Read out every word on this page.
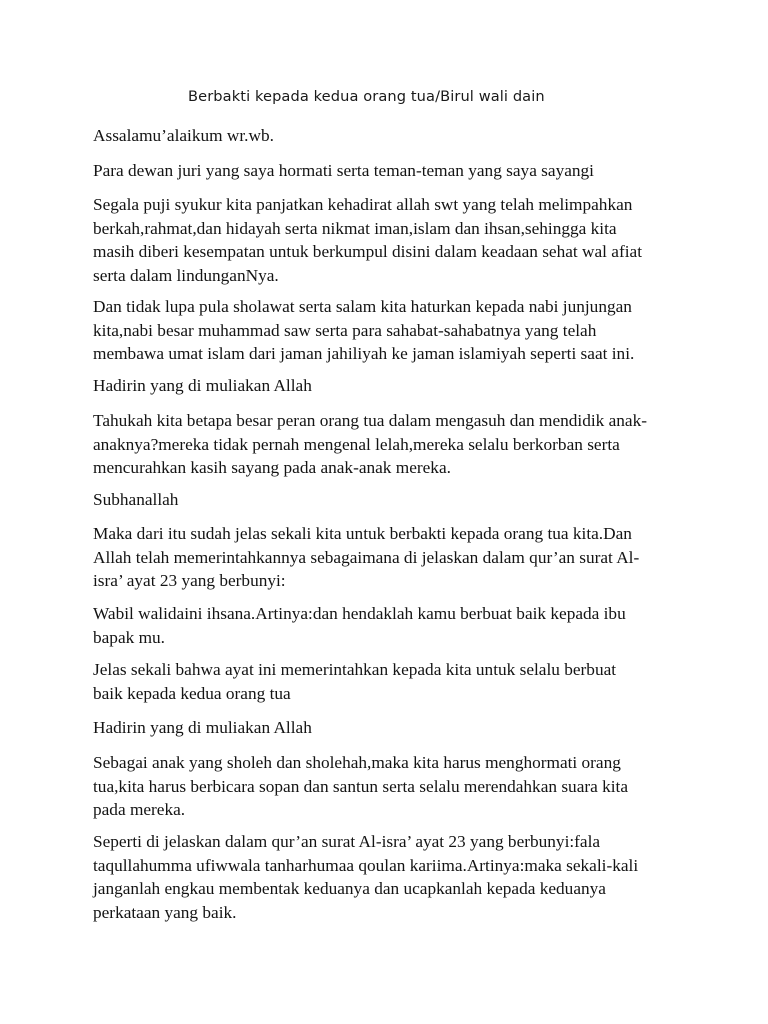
Berbakti kepada kedua orang tua/Birul wali dain
Assalamu’alaikum wr.wb.
Para dewan juri yang saya hormati serta teman-teman yang saya sayangi
Segala puji syukur kita panjatkan kehadirat allah swt yang telah melimpahkan
berkah,rahmat,dan hidayah serta nikmat iman,islam dan ihsan,sehingga kita
masih diberi kesempatan untuk berkumpul disini dalam keadaan sehat wal afiat
serta dalam lindunganNya.
Dan tidak lupa pula sholawat serta salam kita haturkan kepada nabi junjungan
kita,nabi besar muhammad saw serta para sahabat-sahabatnya yang telah
membawa umat islam dari jaman jahiliyah ke jaman islamiyah seperti saat ini.
Hadirin yang di muliakan Allah
Tahukah kita betapa besar peran orang tua dalam mengasuh dan mendidik anak-
anaknya?mereka tidak pernah mengenal lelah,mereka selalu berkorban serta
mencurahkan kasih sayang pada anak-anak mereka.
Subhanallah
Maka dari itu sudah jelas sekali kita untuk berbakti kepada orang tua kita.Dan
Allah telah memerintahkannya sebagaimana di jelaskan dalam qur’an surat Al-
isra’ ayat 23 yang berbunyi:
Wabil walidaini ihsana.Artinya:dan hendaklah kamu berbuat baik kepada ibu
bapak mu.
Jelas sekali bahwa ayat ini memerintahkan kepada kita untuk selalu berbuat
baik kepada kedua orang tua
Hadirin yang di muliakan Allah
Sebagai anak yang sholeh dan sholehah,maka kita harus menghormati orang
tua,kita harus berbicara sopan dan santun serta selalu merendahkan suara kita
pada mereka.
Seperti di jelaskan dalam qur’an surat Al-isra’ ayat 23 yang berbunyi:fala
taqullahumma ufiwwala tanharhumaa qoulan kariima.Artinya:maka sekali-kali
janganlah engkau membentak keduanya dan ucapkanlah kepada keduanya
perkataan yang baik.
